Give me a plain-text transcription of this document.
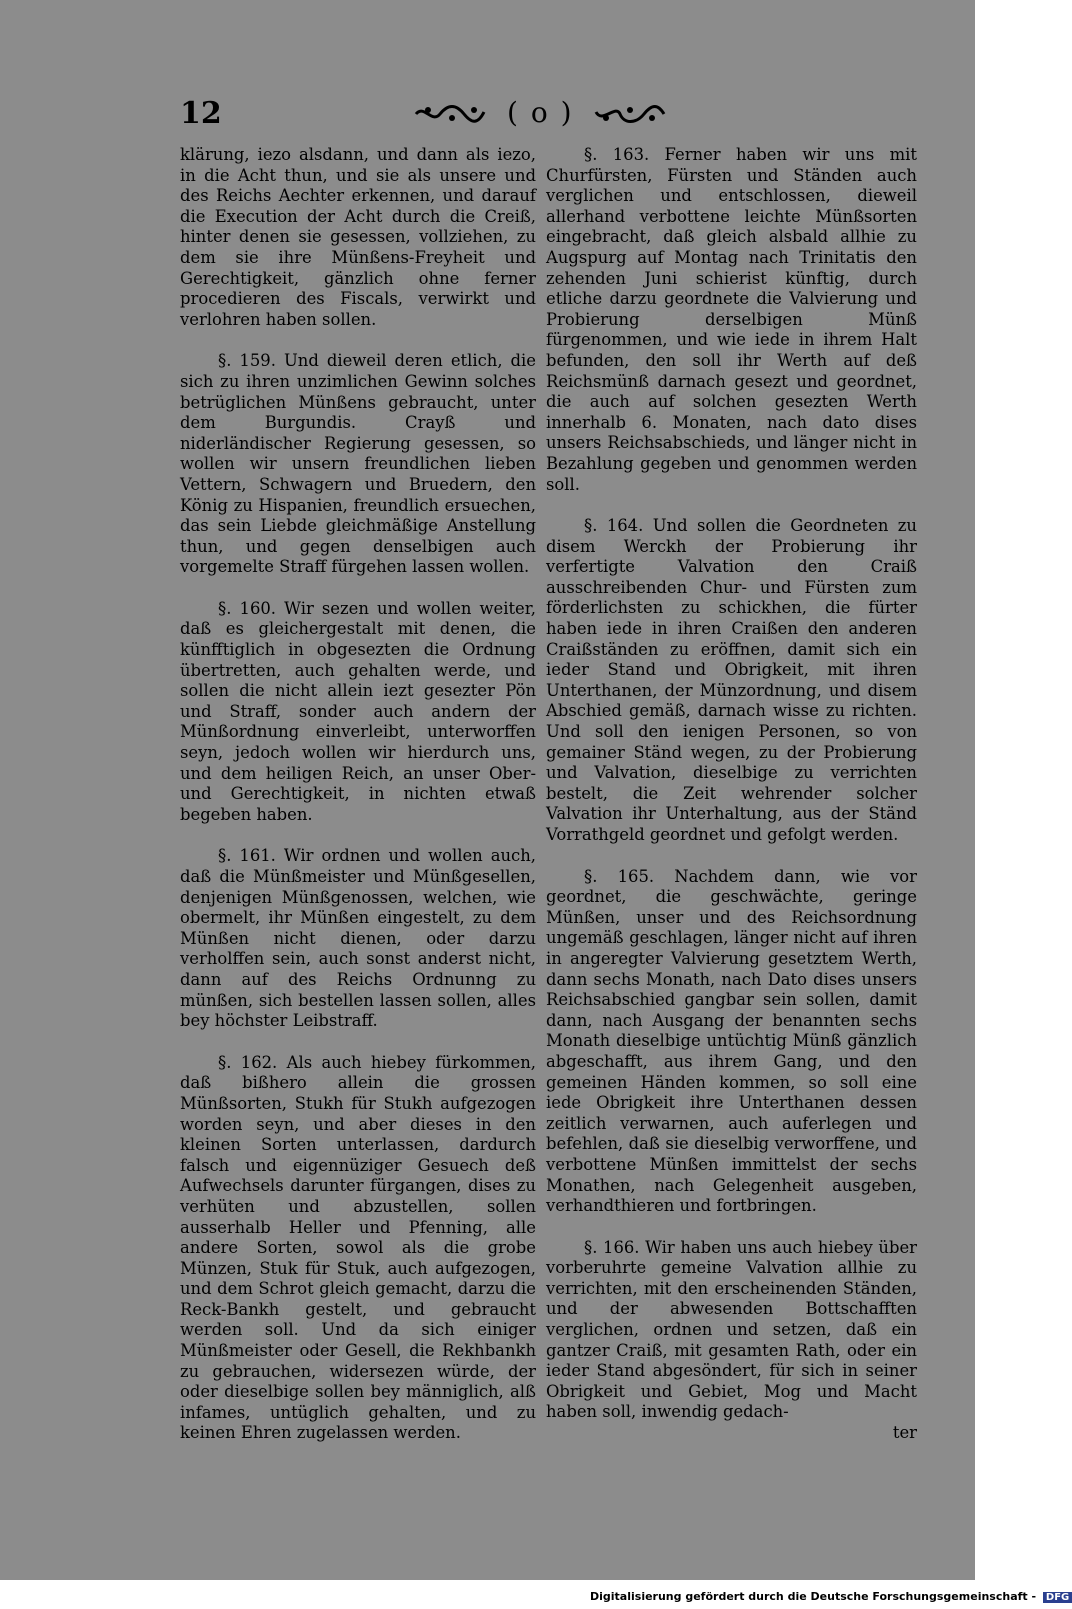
12	( o )

klärung, iezo alsdann, und dann als iezo, in die Acht thun, und sie als unsere und des Reichs Aechter erkennen, und darauf die Execution der Acht durch die Creiß, hinter denen sie gesessen, vollziehen, zu dem sie ihre Münßens-Freyheit und Gerechtigkeit, gänzlich ohne ferner procedieren des Fiscals, verwirkt und verlohren haben sollen.

§. 159. Und dieweil deren etlich, die sich zu ihren unzimlichen Gewinn solches betrüglichen Münßens gebraucht, unter dem Burgundis. Crayß und niderländischer Regierung gesessen, so wollen wir unsern freundlichen lieben Vettern, Schwagern und Bruedern, den König zu Hispanien, freundlich ersuechen, das sein Liebde gleichmäßige Anstellung thun, und gegen denselbigen auch vorgemelte Straff fürgehen lassen wollen.

§. 160. Wir sezen und wollen weiter, daß es gleichergestalt mit denen, die künfftiglich in obgesezten die Ordnung übertretten, auch gehalten werde, und sollen die nicht allein iezt gesezter Pön und Straff, sonder auch andern der Münßordnung einverleibt, unterworffen seyn, jedoch wollen wir hierdurch uns, und dem heiligen Reich, an unser Ober- und Gerechtigkeit, in nichten etwaß begeben haben.

§. 161. Wir ordnen und wollen auch, daß die Münßmeister und Münßgesellen, denjenigen Münßgenossen, welchen, wie obermelt, ihr Münßen eingestelt, zu dem Münßen nicht dienen, oder darzu verholffen sein, auch sonst anderst nicht, dann auf des Reichs Ordnunng zu münßen, sich bestellen lassen sollen, alles bey höchster Leibstraff.

§. 162. Als auch hiebey fürkommen, daß bißhero allein die grossen Münßsorten, Stukh für Stukh aufgezogen worden seyn, und aber dieses in den kleinen Sorten unterlassen, dardurch falsch und eigennüziger Gesuech deß Aufwechsels darunter fürgangen, dises zu verhüten und abzustellen, sollen ausserhalb Heller und Pfenning, alle andere Sorten, sowol als die grobe Münzen, Stuk für Stuk, auch aufgezogen, und dem Schrot gleich gemacht, darzu die Reck-Bankh gestelt, und gebraucht werden soll. Und da sich einiger Münßmeister oder Gesell, die Rekhbankh zu gebrauchen, widersezen würde, der oder dieselbige sollen bey männiglich, alß infames, untüglich gehalten, und zu keinen Ehren zugelassen werden.

§. 163. Ferner haben wir uns mit Churfürsten, Fürsten und Ständen auch verglichen und entschlossen, dieweil allerhand verbottene leichte Münßsorten eingebracht, daß gleich alsbald allhie zu Augspurg auf Montag nach Trinitatis den zehenden Juni schierist künftig, durch etliche darzu geordnete die Valvierung und Probierung derselbigen Münß fürgenommen, und wie iede in ihrem Halt befunden, den soll ihr Werth auf deß Reichsmünß darnach gesezt und geordnet, die auch auf solchen gesezten Werth innerhalb 6. Monaten, nach dato dises unsers Reichsabschieds, und länger nicht in Bezahlung gegeben und genommen werden soll.

§. 164. Und sollen die Geordneten zu disem Werckh der Probierung ihr verfertigte Valvation den Craiß ausschreibenden Chur- und Fürsten zum förderlichsten zu schickhen, die fürter haben iede in ihren Craißen den anderen Craißständen zu eröffnen, damit sich ein ieder Stand und Obrigkeit, mit ihren Unterthanen, der Münzordnung, und disem Abschied gemäß, darnach wisse zu richten. Und soll den ienigen Personen, so von gemainer Ständ wegen, zu der Probierung und Valvation, dieselbige zu verrichten bestelt, die Zeit wehrender solcher Valvation ihr Unterhaltung, aus der Ständ Vorrathgeld geordnet und gefolgt werden.

§. 165. Nachdem dann, wie vor geordnet, die geschwächte, geringe Münßen, unser und des Reichsordnung ungemäß geschlagen, länger nicht auf ihren in angeregter Valvierung gesetztem Werth, dann sechs Monath, nach Dato dises unsers Reichsabschied gangbar sein sollen, damit dann, nach Ausgang der benannten sechs Monath dieselbige untüchtig Münß gänzlich abgeschafft, aus ihrem Gang, und den gemeinen Händen kommen, so soll eine iede Obrigkeit ihre Unterthanen dessen zeitlich verwarnen, auch auferlegen und befehlen, daß sie dieselbig verworffene, und verbottene Münßen immittelst der sechs Monathen, nach Gelegenheit ausgeben, verhandthieren und fortbringen.

§. 166. Wir haben uns auch hiebey über vorberuhrte gemeine Valvation allhie zu verrichten, mit den erscheinenden Ständen, und der abwesenden Bottschafften verglichen, ordnen und setzen, daß ein gantzer Craiß, mit gesamten Rath, oder ein ieder Stand abgesöndert, für sich in seiner Obrigkeit und Gebiet, Mog und Macht haben soll, inwendig gedach-

ter

Digitalisierung gefördert durch die Deutsche Forschungsgemeinschaft - DFG
